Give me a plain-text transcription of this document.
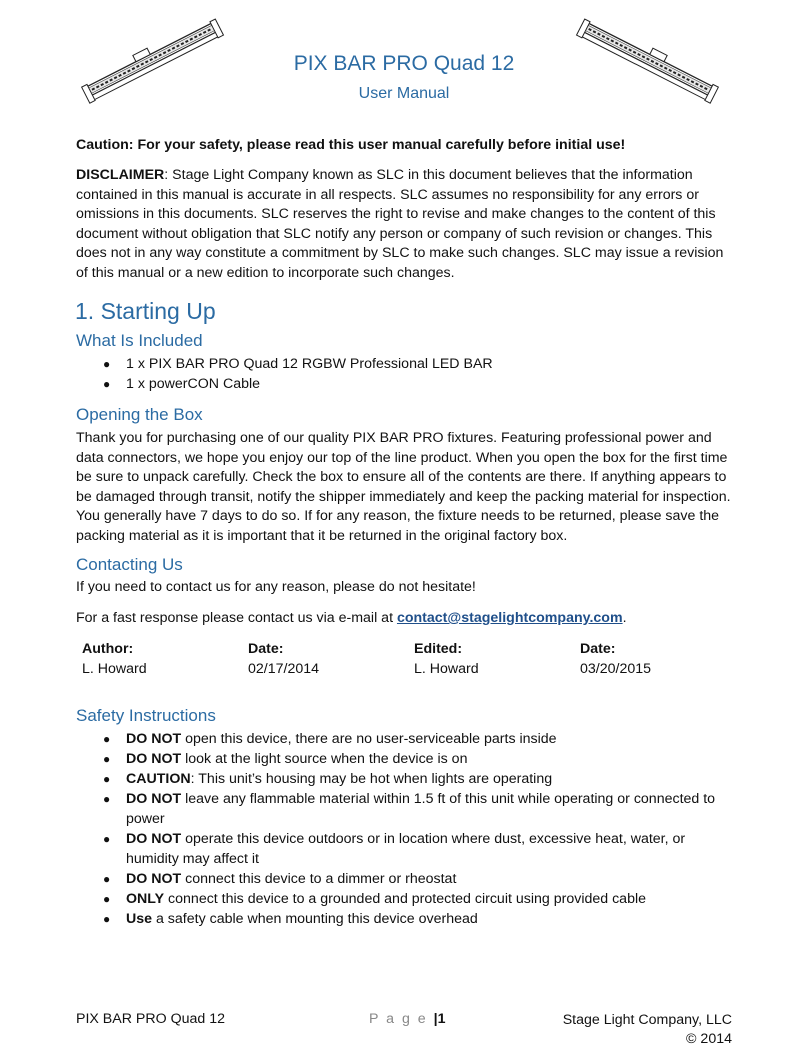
PIX BAR PRO Quad 12
User Manual
Caution: For your safety, please read this user manual carefully before initial use!
DISCLAIMER: Stage Light Company known as SLC in this document believes that the information contained in this manual is accurate in all respects. SLC assumes no responsibility for any errors or omissions in this documents. SLC reserves the right to revise and make changes to the content of this document without obligation that SLC notify any person or company of such revision or changes. This does not in any way constitute a commitment by SLC to make such changes. SLC may issue a revision of this manual or a new edition to incorporate such changes.
1. Starting Up
What Is Included
● 1 x PIX BAR PRO Quad 12 RGBW Professional LED BAR
● 1 x powerCON Cable
Opening the Box
Thank you for purchasing one of our quality PIX BAR PRO fixtures. Featuring professional power and data connectors, we hope you enjoy our top of the line product. When you open the box for the first time be sure to unpack carefully. Check the box to ensure all of the contents are there. If anything appears to be damaged through transit, notify the shipper immediately and keep the packing material for inspection. You generally have 7 days to do so. If for any reason, the fixture needs to be returned, please save the packing material as it is important that it be returned in the original factory box.
Contacting Us
If you need to contact us for any reason, please do not hesitate!
For a fast response please contact us via e-mail at contact@stagelightcompany.com.
Author:	Date:	Edited:	Date:
L. Howard	02/17/2014	L. Howard	03/20/2015
Safety Instructions
● DO NOT open this device, there are no user-serviceable parts inside
● DO NOT look at the light source when the device is on
● CAUTION: This unit’s housing may be hot when lights are operating
● DO NOT leave any flammable material within 1.5 ft of this unit while operating or connected to power
● DO NOT operate this device outdoors or in location where dust, excessive heat, water, or humidity may affect it
● DO NOT connect this device to a dimmer or rheostat
● ONLY connect this device to a grounded and protected circuit using provided cable
● Use a safety cable when mounting this device overhead
PIX BAR PRO Quad 12	P a g e |1	Stage Light Company, LLC
© 2014
